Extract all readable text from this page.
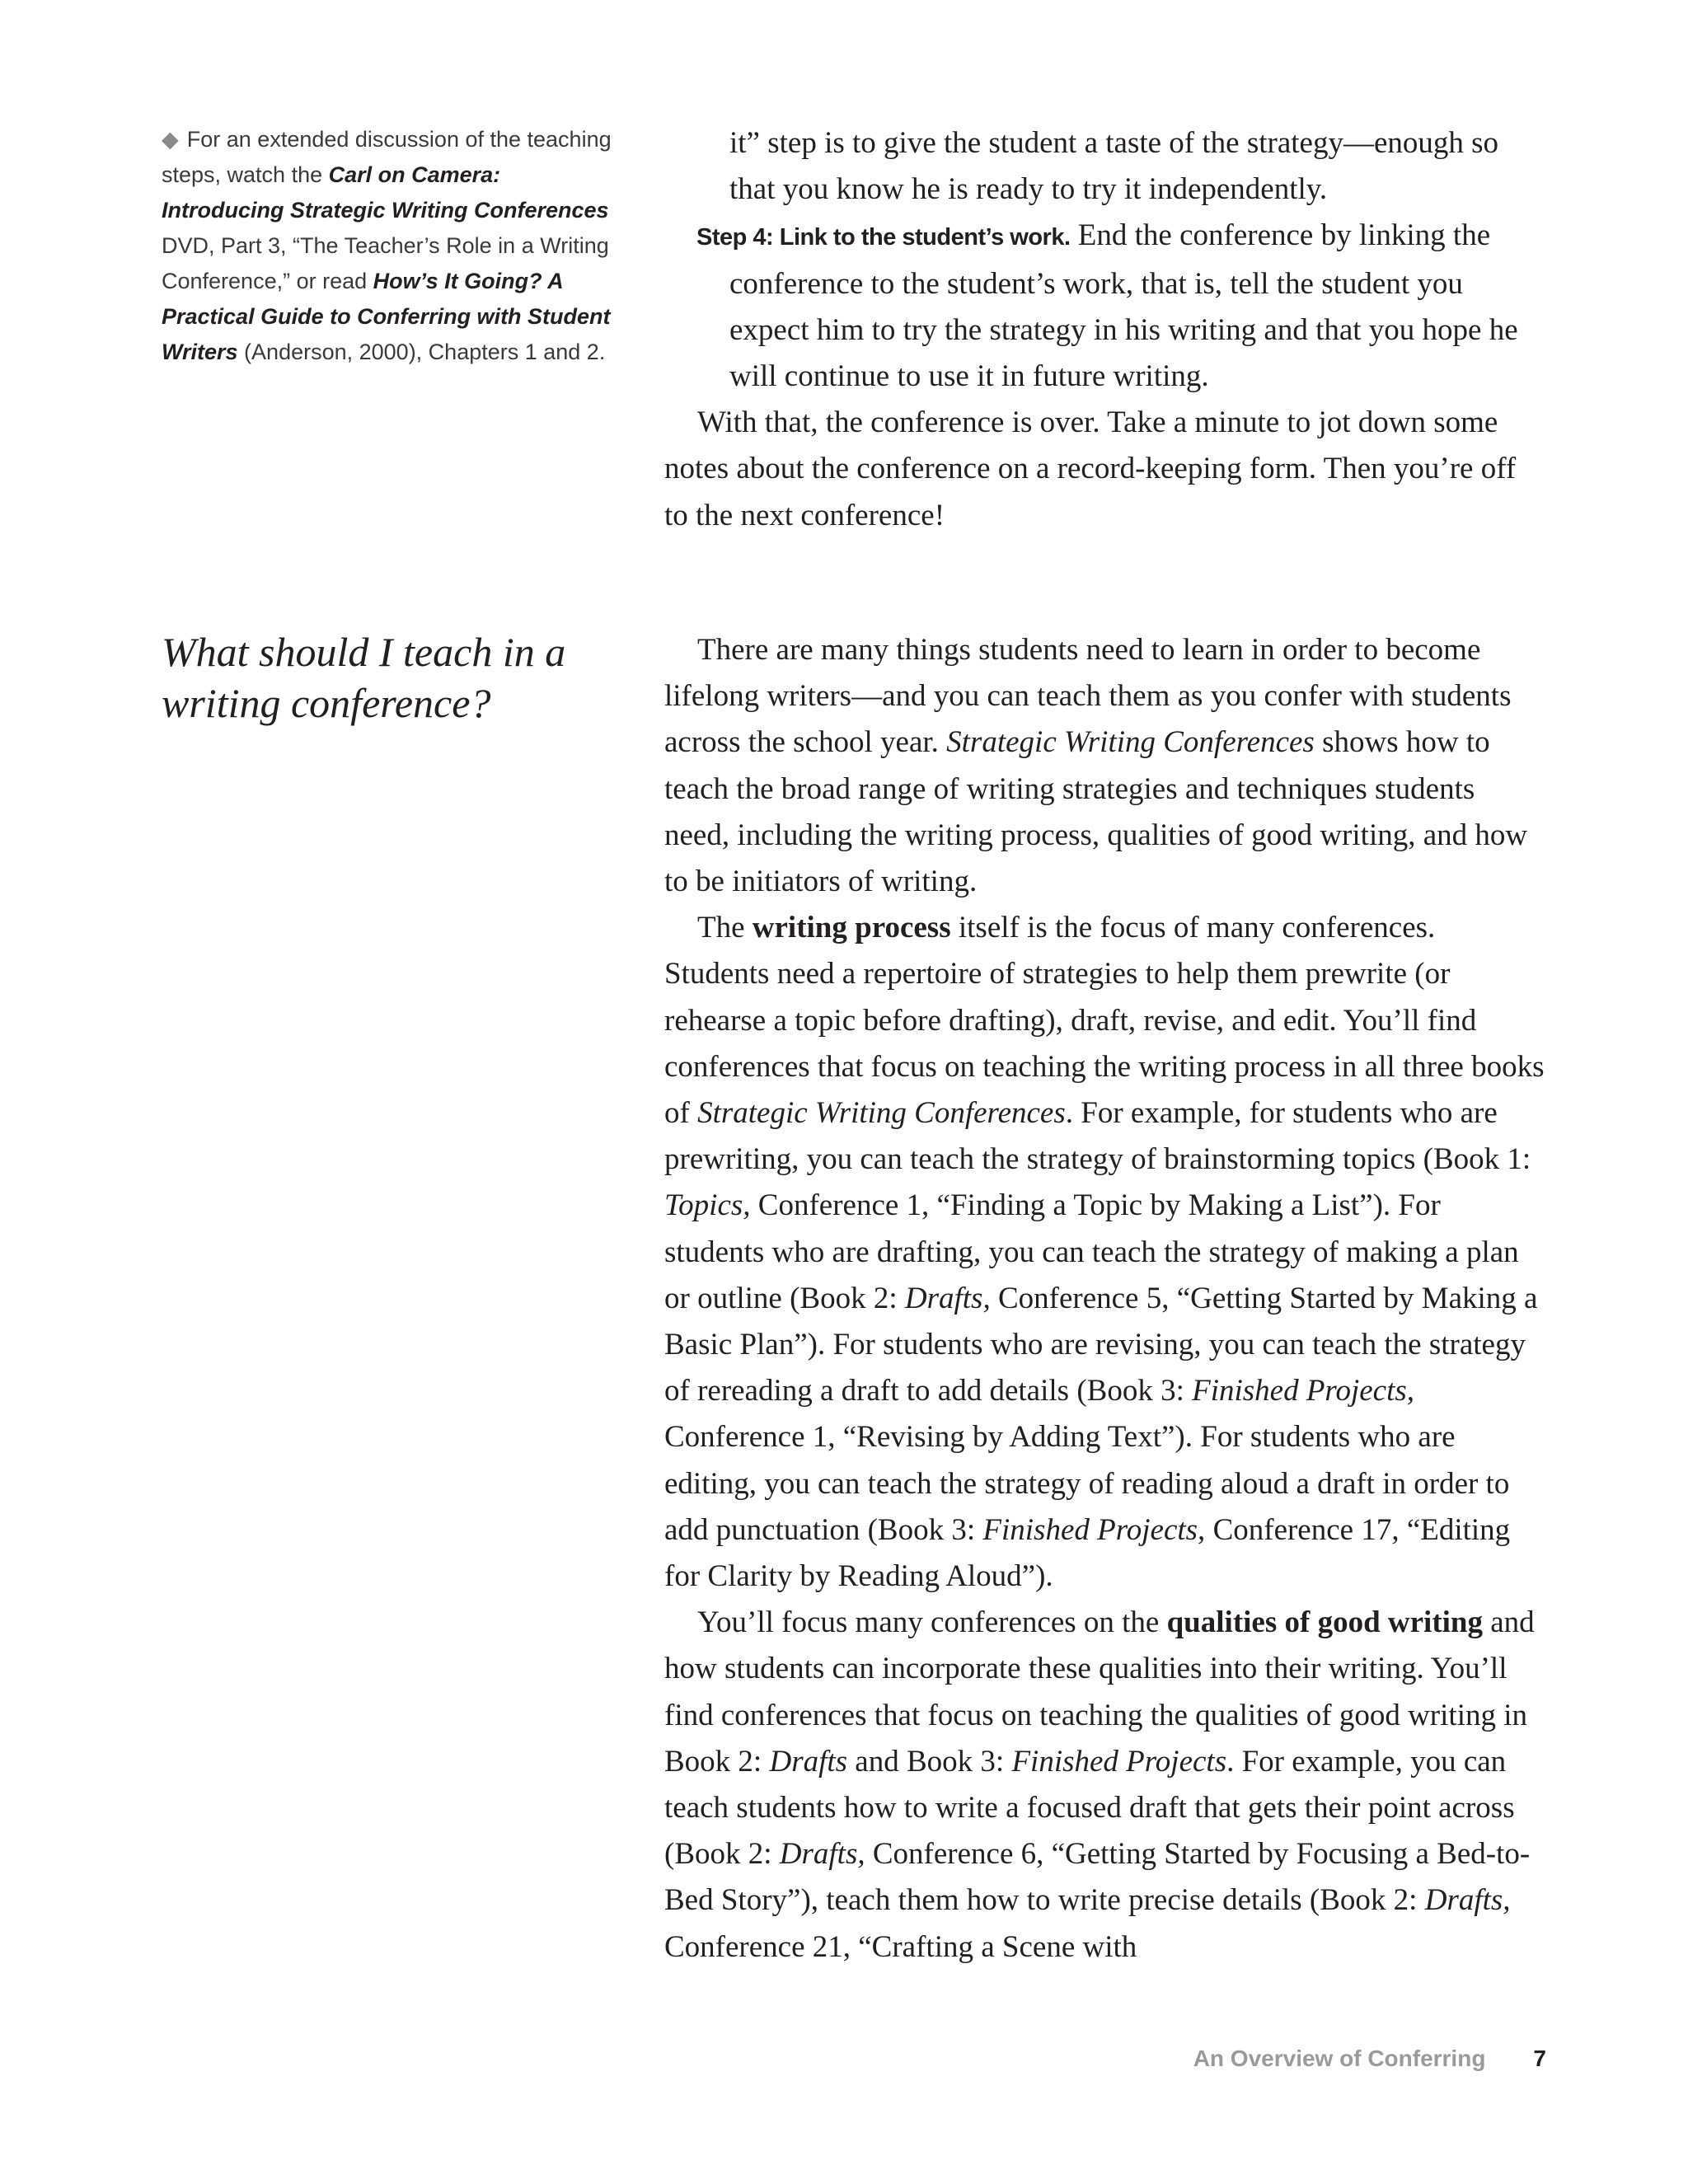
◆ For an extended discussion of the teaching steps, watch the Carl on Camera: Introducing Strategic Writing Conferences DVD, Part 3, “The Teacher’s Role in a Writing Conference,” or read How’s It Going? A Practical Guide to Conferring with Student Writers (Anderson, 2000), Chapters 1 and 2.

it” step is to give the student a taste of the strategy—enough so that you know he is ready to try it independently.

Step 4: Link to the student’s work. End the conference by linking the conference to the student’s work, that is, tell the student you expect him to try the strategy in his writing and that you hope he will continue to use it in future writing.

With that, the conference is over. Take a minute to jot down some notes about the conference on a record-keeping form. Then you’re off to the next conference!

What should I teach in a writing conference?

There are many things students need to learn in order to become lifelong writers—and you can teach them as you confer with students across the school year. Strategic Writing Conferences shows how to teach the broad range of writing strategies and techniques students need, including the writing process, qualities of good writing, and how to be initiators of writing.

The writing process itself is the focus of many conferences. Students need a repertoire of strategies to help them prewrite (or rehearse a topic before drafting), draft, revise, and edit. You’ll find conferences that focus on teaching the writing process in all three books of Strategic Writing Conferences. For example, for students who are prewriting, you can teach the strategy of brainstorming topics (Book 1: Topics, Conference 1, “Finding a Topic by Making a List”). For students who are drafting, you can teach the strategy of making a plan or outline (Book 2: Drafts, Conference 5, “Getting Started by Making a Basic Plan”). For students who are revising, you can teach the strategy of rereading a draft to add details (Book 3: Finished Projects, Conference 1, “Revising by Adding Text”). For students who are editing, you can teach the strategy of reading aloud a draft in order to add punctuation (Book 3: Finished Projects, Conference 17, “Editing for Clarity by Reading Aloud”).

You’ll focus many conferences on the qualities of good writing and how students can incorporate these qualities into their writing. You’ll find conferences that focus on teaching the qualities of good writing in Book 2: Drafts and Book 3: Finished Projects. For example, you can teach students how to write a focused draft that gets their point across (Book 2: Drafts, Conference 6, “Getting Started by Focusing a Bed-to-Bed Story”), teach them how to write precise details (Book 2: Drafts, Conference 21, “Crafting a Scene with

An Overview of Conferring 7
